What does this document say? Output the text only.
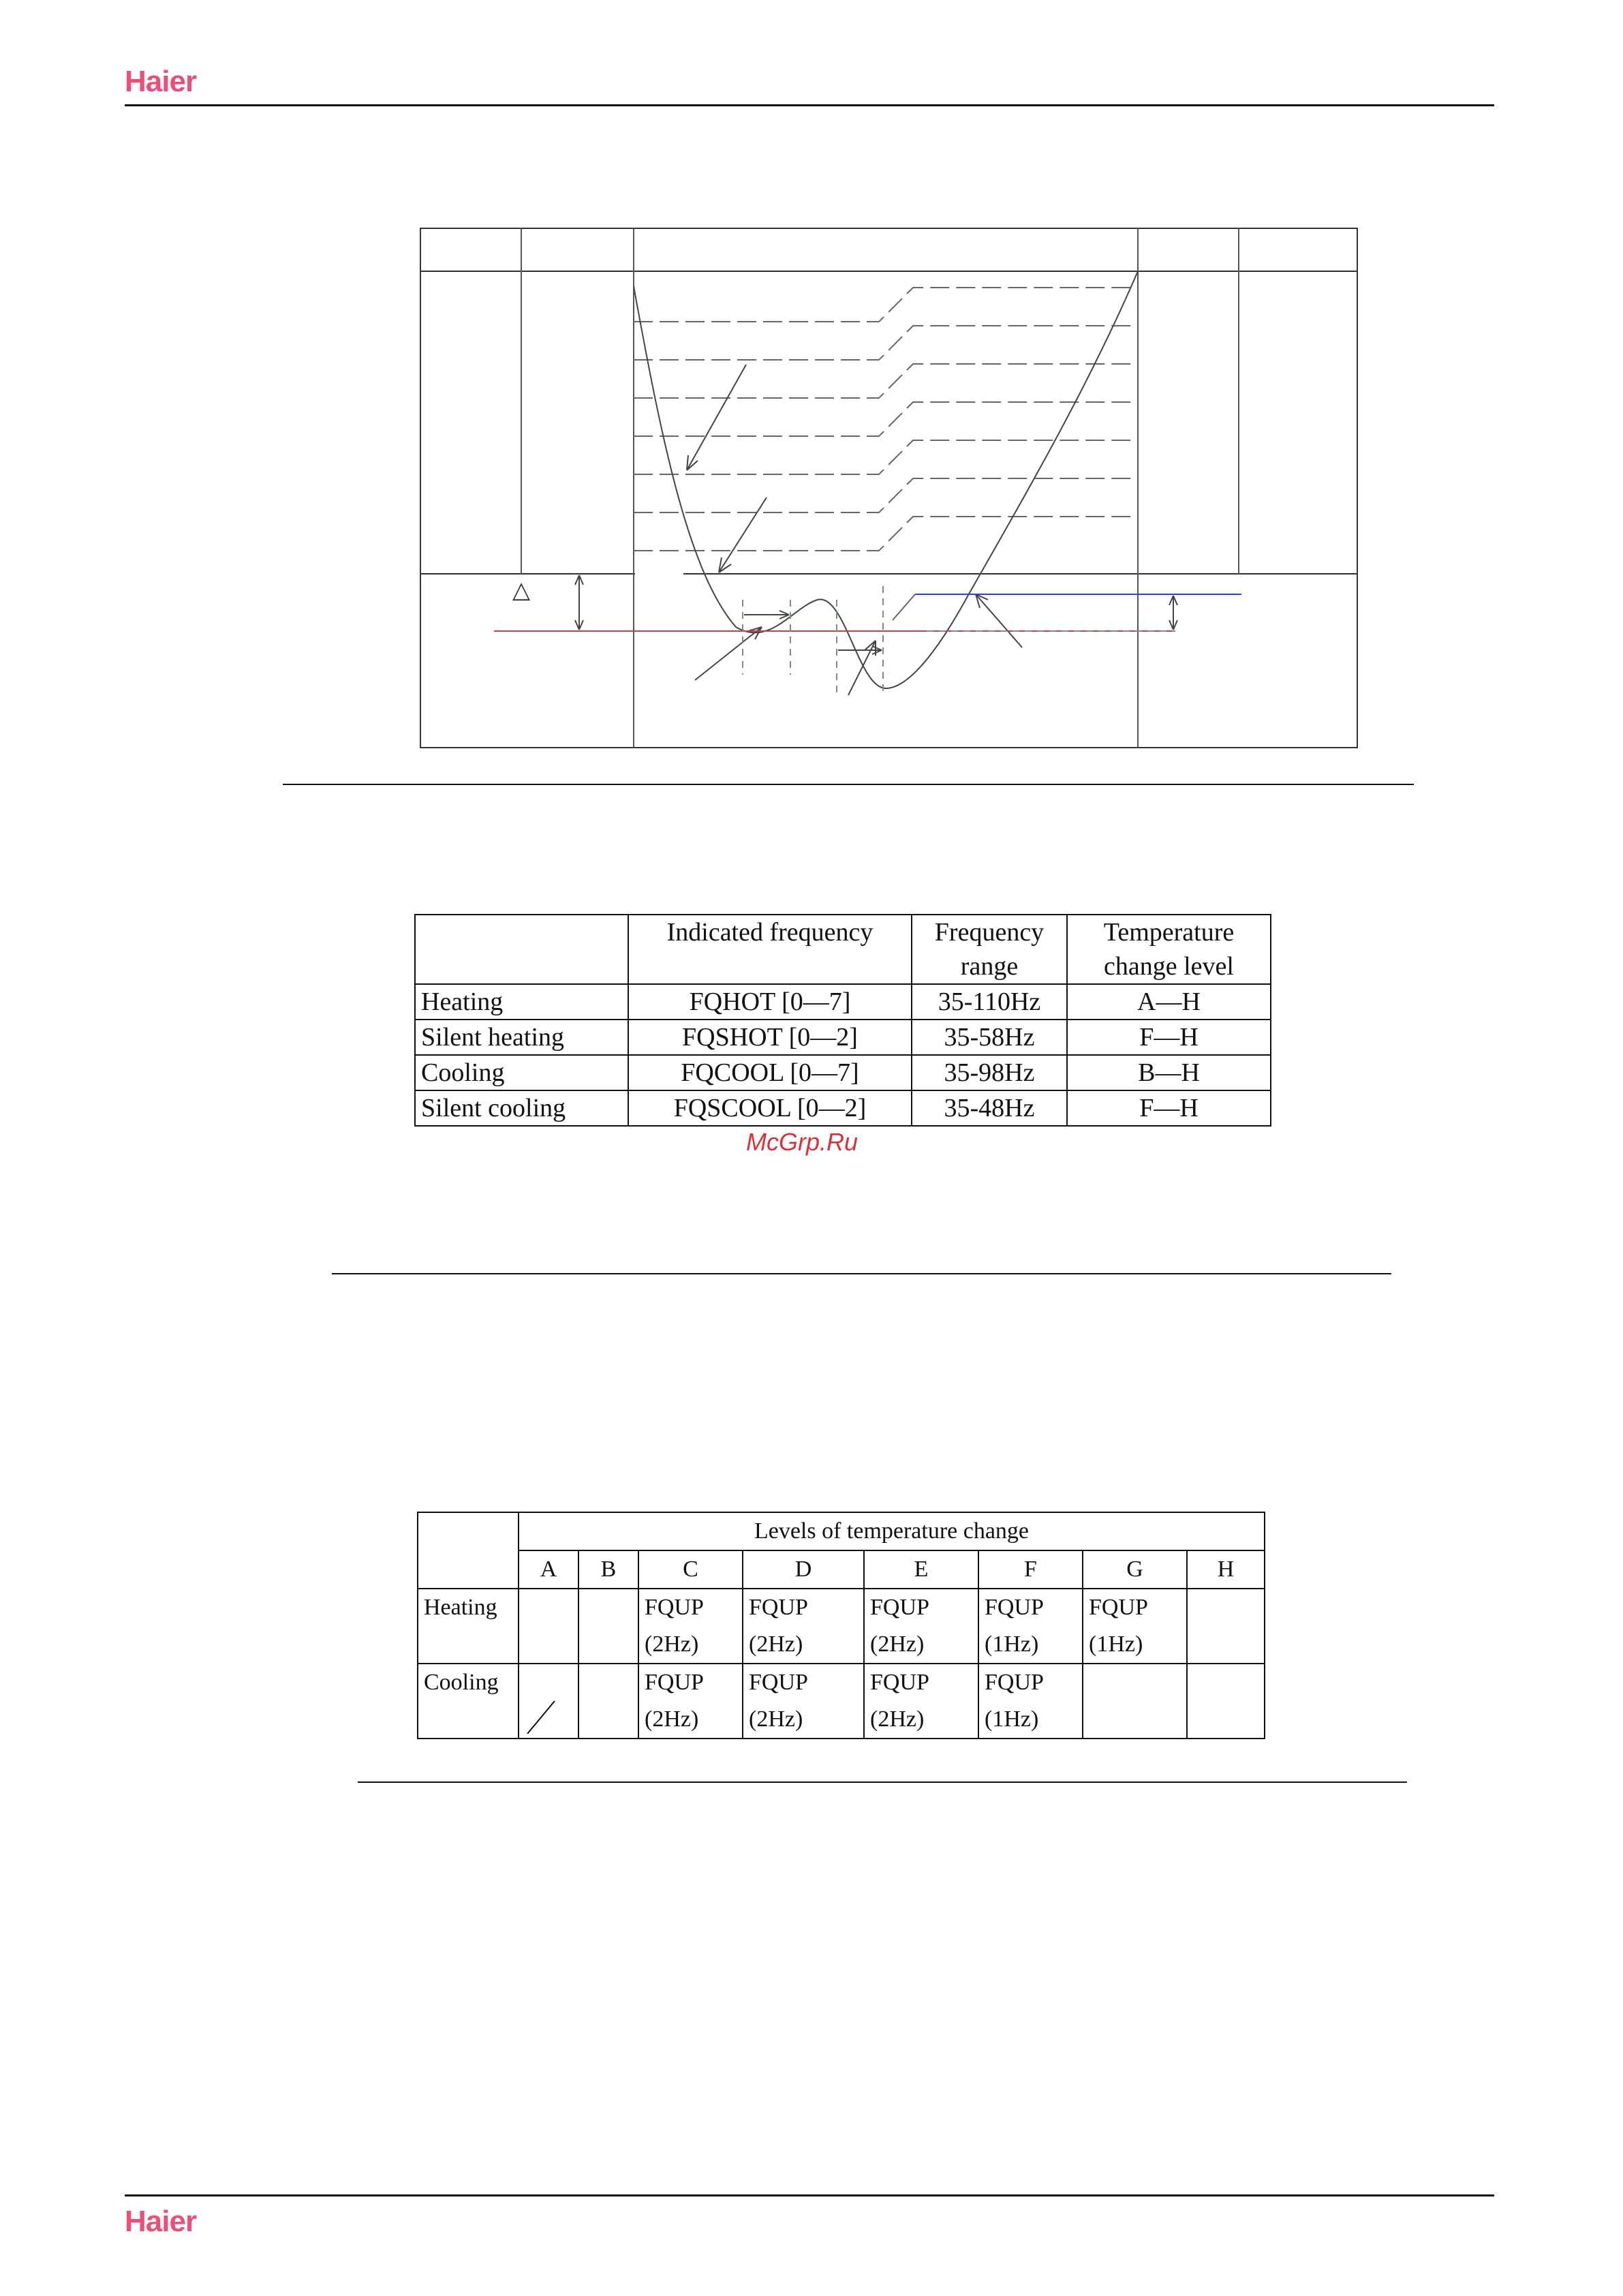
Haier
△
	Indicated frequency	Frequency range	Temperature change level
Heating	FQHOT [0—7]	35-110Hz	A—H
Silent heating	FQSHOT [0—2]	35-58Hz	F—H
Cooling	FQCOOL [0—7]	35-98Hz	B—H
Silent cooling	FQSCOOL [0—2]	35-48Hz	F—H
McGrp.Ru
	Levels of temperature change							
	A	B	C	D	E	F	G	H
Heating			FQUP (2Hz)	FQUP (2Hz)	FQUP (2Hz)	FQUP (1Hz)	FQUP (1Hz)	
Cooling			FQUP (2Hz)	FQUP (2Hz)	FQUP (2Hz)	FQUP (1Hz)		
Haier
